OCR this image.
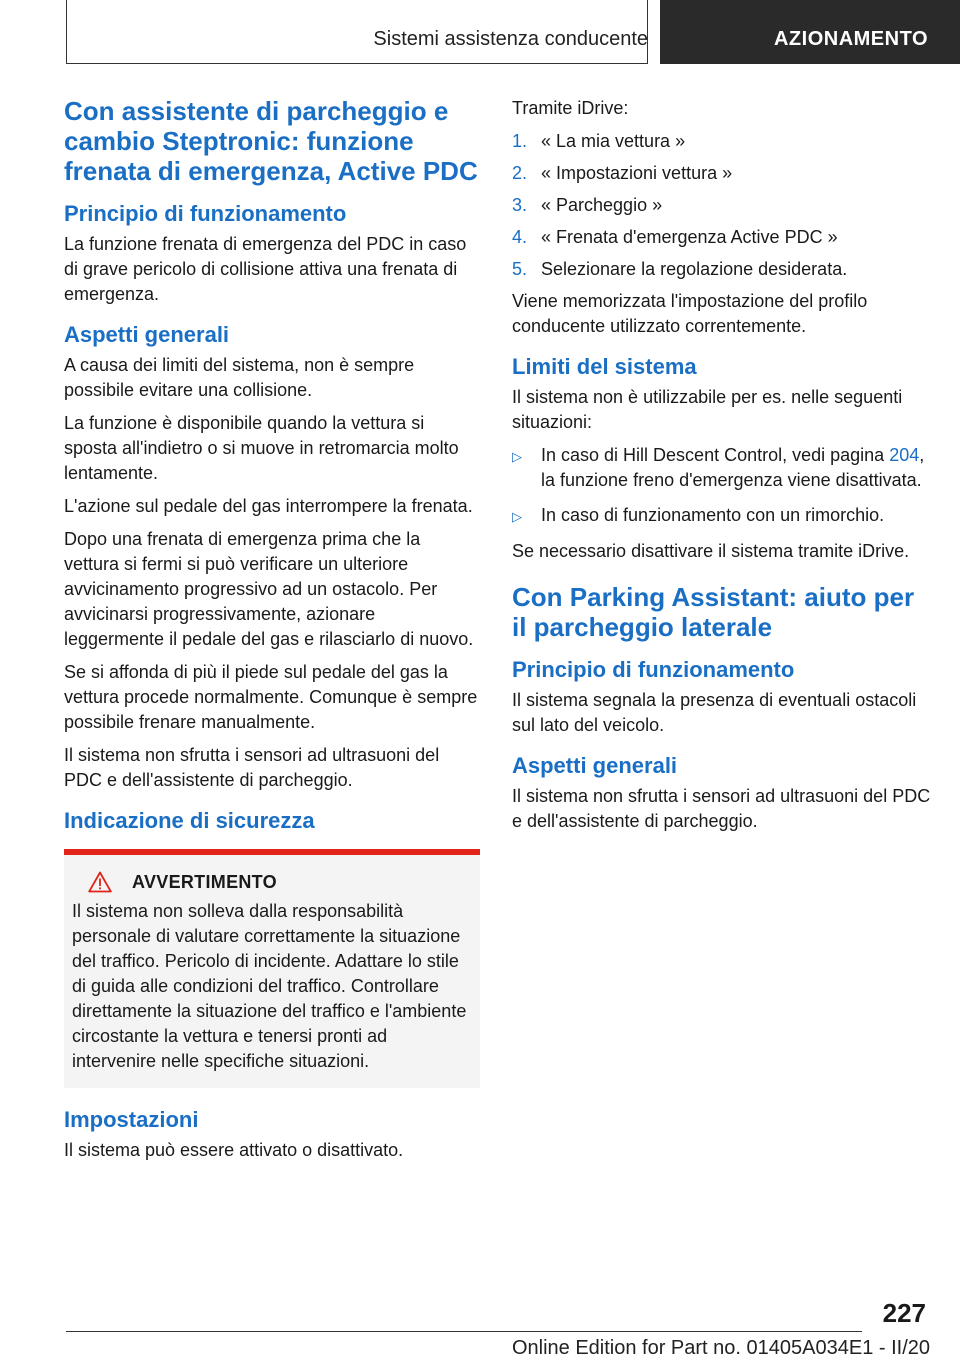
Sistemi assistenza conducente	AZIONAMENTO
Con assistente di parcheggio e cambio Steptronic: funzione frenata di emergenza, Active PDC
Principio di funzionamento

La funzione frenata di emergenza del PDC in caso di grave pericolo di collisione attiva una frenata di emergenza.

Aspetti generali

A causa dei limiti del sistema, non è sempre possibile evitare una collisione.

La funzione è disponibile quando la vettura si sposta all'indietro o si muove in retromarcia molto lentamente.

L'azione sul pedale del gas interrompere la frenata.

Dopo una frenata di emergenza prima che la vettura si fermi si può verificare un ulteriore avvicinamento progressivo ad un ostacolo. Per avvicinarsi progressivamente, azionare leggermente il pedale del gas e rilasciarlo di nuovo.

Se si affonda di più il piede sul pedale del gas la vettura procede normalmente. Comunque è sempre possibile frenare manualmente.

Il sistema non sfrutta i sensori ad ultrasuoni del PDC e dell'assistente di parcheggio.

Indicazione di sicurezza
AVVERTIMENTO

Il sistema non solleva dalla responsabilità personale di valutare correttamente la situazione del traffico. Pericolo di incidente. Adattare lo stile di guida alle condizioni del traffico. Controllare direttamente la situazione del traffico e l'ambiente circostante la vettura e tenersi pronti ad intervenire nelle specifiche situazioni.

Impostazioni

Il sistema può essere attivato o disattivato.

Tramite iDrive:

1. « La mia vettura »
2. « Impostazioni vettura »
3. « Parcheggio »
4. « Frenata d'emergenza Active PDC »
5. Selezionare la regolazione desiderata.

Viene memorizzata l'impostazione del profilo conducente utilizzato correntemente.

Limiti del sistema

Il sistema non è utilizzabile per es. nelle seguenti situazioni:

▷	In caso di Hill Descent Control, vedi pagina 204, la funzione freno d'emergenza viene disattivata.
▷	In caso di funzionamento con un rimorchio.

Se necessario disattivare il sistema tramite iDrive.

Con Parking Assistant: aiuto per il parcheggio laterale
Principio di funzionamento

Il sistema segnala la presenza di eventuali ostacoli sul lato del veicolo.

Aspetti generali

Il sistema non sfrutta i sensori ad ultrasuoni del PDC e dell'assistente di parcheggio.

227
Online Edition for Part no. 01405A034E1 - II/20
